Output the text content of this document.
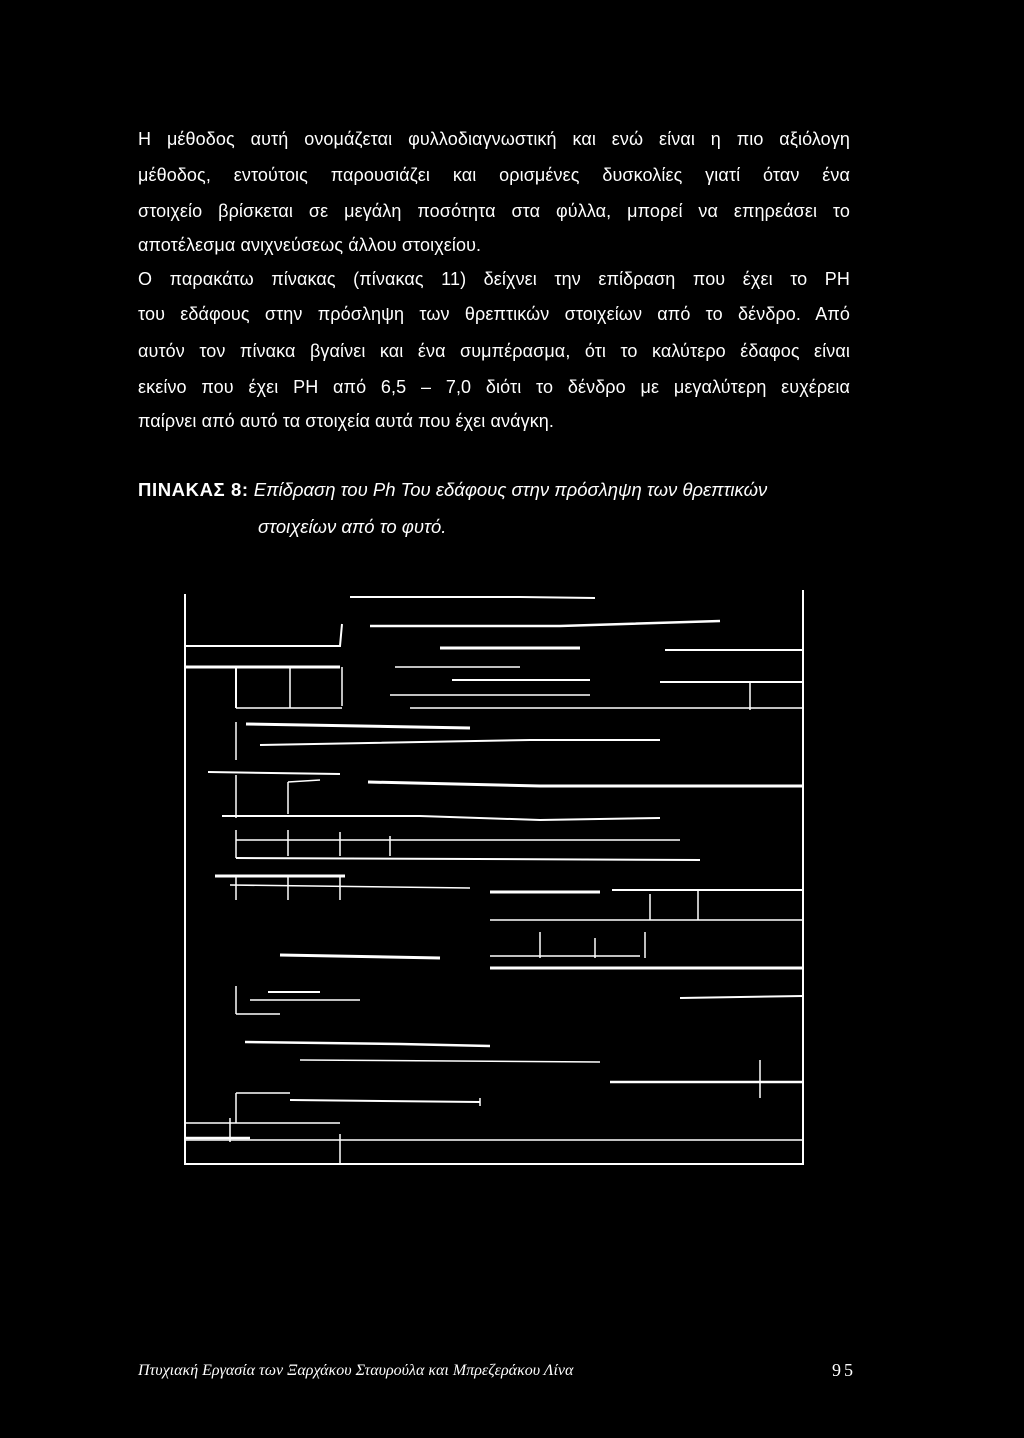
Η μέθοδος αυτή ονομάζεται φυλλοδιαγνωστική και ενώ είναι η πιο αξιόλογη
μέθοδος, εντούτοις παρουσιάζει και ορισμένες δυσκολίες γιατί όταν ένα
στοιχείο βρίσκεται σε μεγάλη ποσότητα στα φύλλα, μπορεί να επηρεάσει το
αποτέλεσμα ανιχνεύσεως άλλου στοιχείου.
Ο παρακάτω πίνακας (πίνακας 11) δείχνει την επίδραση που έχει το PH
του εδάφους στην πρόσληψη των θρεπτικών στοιχείων από το δένδρο. Από
αυτόν τον πίνακα βγαίνει και ένα συμπέρασμα, ότι το καλύτερο έδαφος είναι
εκείνο που έχει PH από 6,5 – 7,0 διότι το δένδρο με μεγαλύτερη ευχέρεια
παίρνει από αυτό τα στοιχεία αυτά που έχει ανάγκη.
ΠΙΝΑΚΑΣ 8: Επίδραση του Ph Του εδάφους στην πρόσληψη των θρεπτικών
στοιχείων από το φυτό.
Πτυχιακή Εργασία των Ξαρχάκου Σταυρούλα και Μπρεζεράκου Λίνα	95
